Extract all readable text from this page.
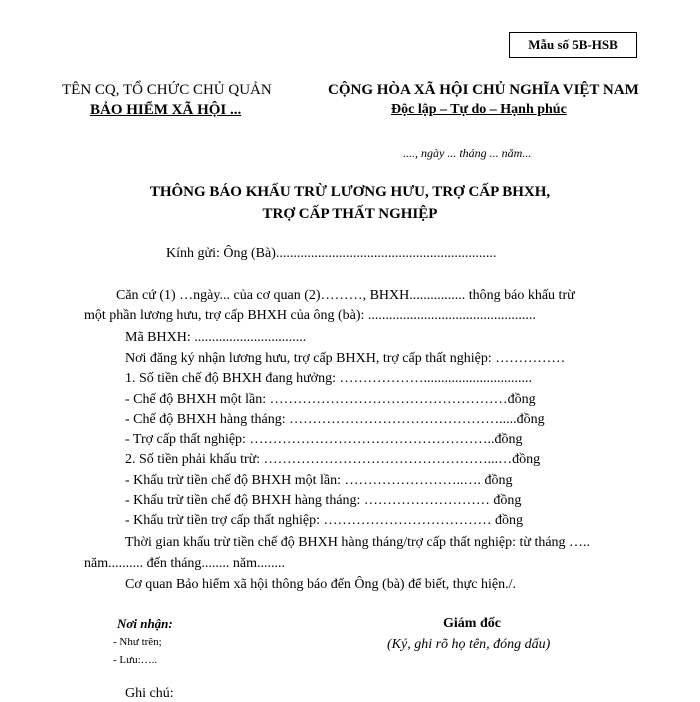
Mẫu số 5B-HSB
TÊN CQ, TỔ CHỨC CHỦ QUẢN
BẢO HIỂM XÃ HỘI ...
CỘNG HÒA XÃ HỘI CHỦ NGHĨA VIỆT NAM
Độc lập – Tự do – Hạnh phúc
...., ngày ... tháng ... năm...
THÔNG BÁO KHẤU TRỪ LƯƠNG HƯU, TRỢ CẤP BHXH,
TRỢ CẤP THẤT NGHIỆP
Kính gửi: Ông (Bà)...............................................................
Căn cứ (1) …ngày... của cơ quan (2)………, BHXH................ thông báo khấu trừ
một phần lương hưu, trợ cấp BHXH của ông (bà): ................................................
Mã BHXH: ................................
Nơi đăng ký nhận lương hưu, trợ cấp BHXH, trợ cấp thất nghiệp: ……………
1. Số tiền chế độ BHXH đang hưởng: ………………...............................
- Chế độ BHXH một lần: ……………………………………………đồng
- Chế độ BHXH hàng tháng: ……………………………………….....đồng
- Trợ cấp thất nghiệp: ……………………………………………..đồng
2. Số tiền phải khấu trừ: …………………………………………...…đồng
- Khấu trừ tiền chế độ BHXH một lần: ……………………..…. đồng
- Khấu trừ tiền chế độ BHXH hàng tháng: ……………………… đồng
- Khấu trừ tiền trợ cấp thất nghiệp: ……………………………… đồng
Thời gian khấu trừ tiền chế độ BHXH hàng tháng/trợ cấp thất nghiệp: từ tháng …..
năm.......... đến tháng........ năm........
Cơ quan Bảo hiểm xã hội thông báo đến Ông (bà) để biết, thực hiện./.
Nơi nhận:
- Như trên;
- Lưu:…..
Giám đốc
(Ký, ghi rõ họ tên, đóng dấu)
Ghi chú:
